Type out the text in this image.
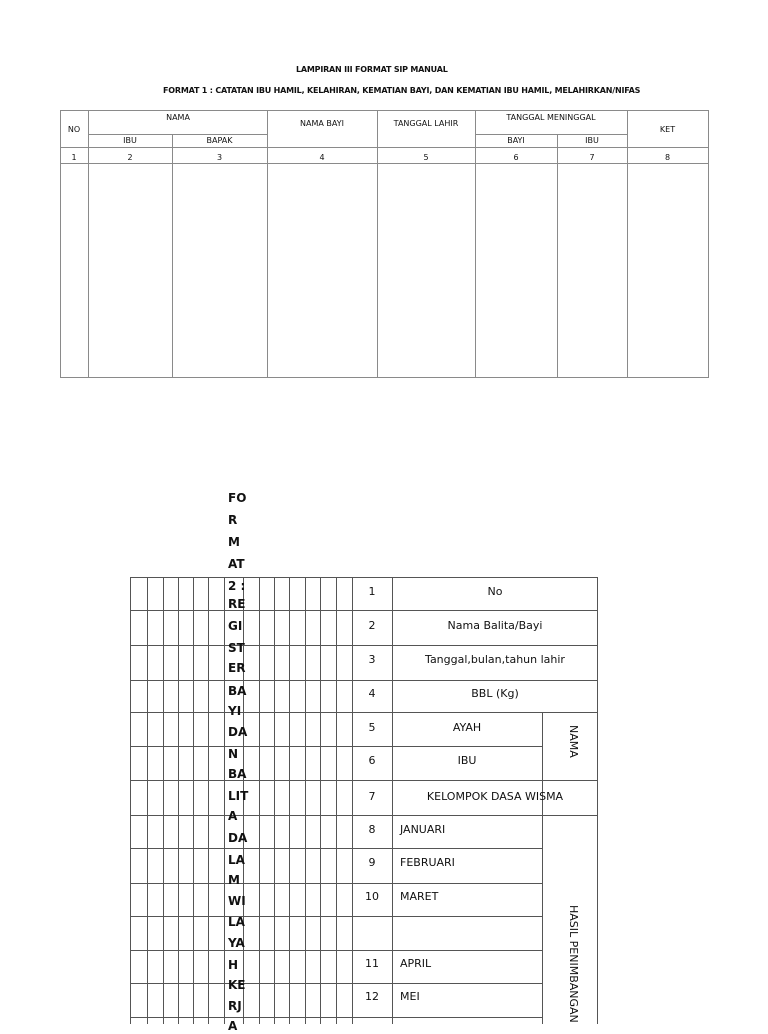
LAMPIRAN III FORMAT SIP MANUAL
FORMAT 1 : CATATAN IBU HAMIL, KELAHIRAN, KEMATIAN BAYI, DAN KEMATIAN IBU HAMIL, MELAHIRKAN/NIFAS
NO
NAMA
IBU	BAPAK
NAMA BAYI	TANGGAL LAHIR
TANGGAL MENINGGAL
BAYI	IBU
KET
1	2	3	4	5	6	7	8
1	No
2	Nama Balita/Bayi
3	Tanggal,bulan,tahun lahir
4	BBL (Kg)
5	AYAH
6	IBU
7	KELOMPOK DASA WISMA
8	JANUARI
9	FEBRUARI
10	MARET
11	APRIL
12	MEI
NAMA
HASIL PENIMBANGAN
FO
R
M
AT
2 :
RE
GI
ST
ER
BA
YI
DA
N
BA
LIT
A
DA
LA
M
WI
LA
YA
H
KE
RJ
A
